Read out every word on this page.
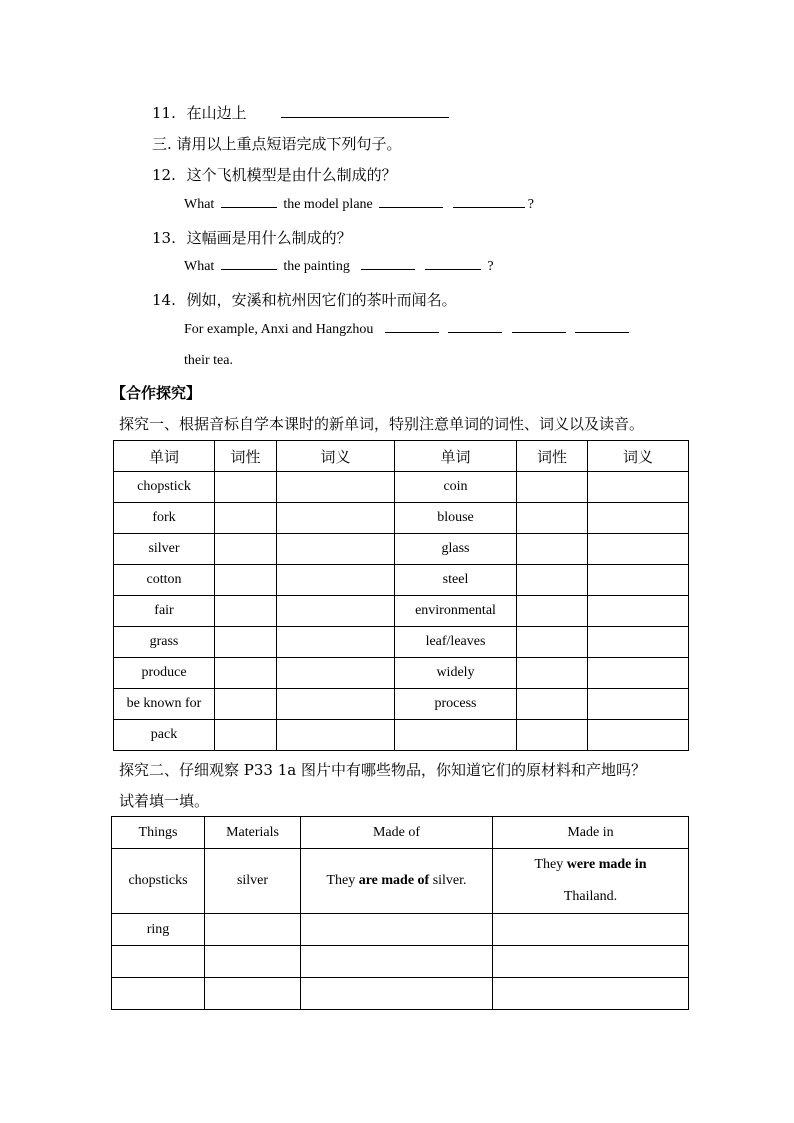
11. 在山边上
三. 请用以上重点短语完成下列句子。
12. 这个飞机模型是由什么制成的？
What	the model plane	?
13. 这幅画是用什么制成的？
What	the painting	?
14. 例如，安溪和杭州因它们的茶叶而闻名。
For example, Anxi and Hangzhou
their tea.
【合作探究】
探究一、根据音标自学本课时的新单词，特别注意单词的词性、词义以及读音。
单词	词性	词义	单词	词性	词义
chopstick			coin		
fork			blouse		
silver			glass		
cotton			steel		
fair			environmental		
grass			leaf/leaves		
produce			widely		
be known for			process		
pack					
探究二、仔细观察 P33 1a 图片中有哪些物品，你知道它们的原材料和产地吗？
试着填一填。
Things	Materials	Made of	Made in
chopsticks	silver	They are made of silver.	They were made in
Thailand.
ring			
